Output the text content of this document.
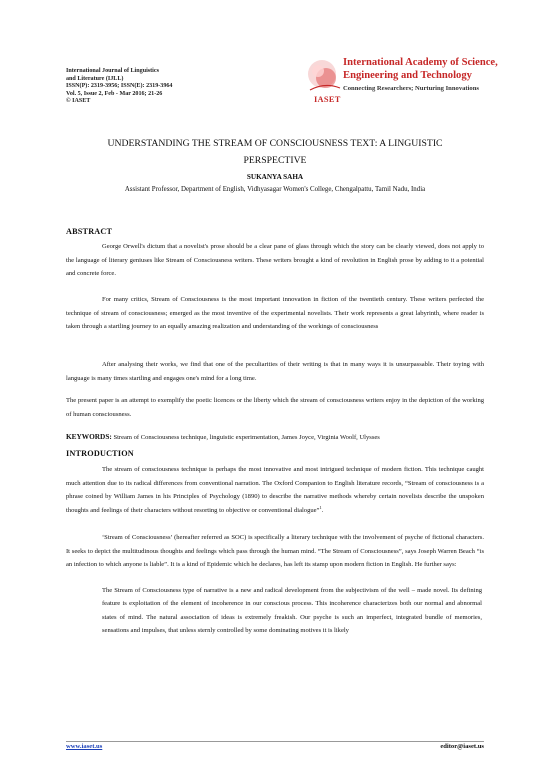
International Journal of Linguistics
and Literature (IJLL)
ISSN(P): 2319-3956; ISSN(E): 2319-3964
Vol. 5, Issue 2, Feb - Mar 2016; 21-26
© IASET
International Academy of Science,
Engineering and Technology
Connecting Researchers; Nurturing Innovations
IASET
UNDERSTANDING THE STREAM OF CONSCIOUSNESS TEXT: A LINGUISTIC
PERSPECTIVE
SUKANYA SAHA
Assistant Professor, Department of English, Vidhyasagar Women's College, Chengalpattu, Tamil Nadu, India
ABSTRACT
George Orwell's dictum that a novelist's prose should be a clear pane of glass through which the story can be clearly viewed, does not apply to the language of literary geniuses like Stream of Consciousness writers. These writers brought a kind of revolution in English prose by adding to it a potential and concrete force.
For many critics, Stream of Consciousness is the most important innovation in fiction of the twentieth century. These writers perfected the technique of stream of consciousness; emerged as the most inventive of the experimental novelists. Their work represents a great labyrinth, where reader is taken through a startling journey to an equally amazing realization and understanding of the workings of consciousness
After analysing their works, we find that one of the peculiarities of their writing is that in many ways it is unsurpassable. Their toying with language is many times startling and engages one's mind for a long time.
The present paper is an attempt to exemplify the poetic licences or the liberty which the stream of consciousness writers enjoy in the depiction of the working of human consciousness.
KEYWORDS: Stream of Consciousness technique, linguistic experimentation, James Joyce, Virginia Woolf, Ulysses
INTRODUCTION
The stream of consciousness technique is perhaps the most innovative and most intrigued technique of modern fiction. This technique caught much attention due to its radical differences from conventional narration. The Oxford Companion to English literature records, “Stream of consciousness is a phrase coined by William James in his Principles of Psychology (1890) to describe the narrative methods whereby certain novelists describe the unspoken thoughts and feelings of their characters without resorting to objective or conventional dialogue”$^1$.
‘Stream of Consciousness’ (hereafter referred as SOC) is specifically a literary technique with the involvement of psyche of fictional characters. It seeks to depict the multitudinous thoughts and feelings which pass through the human mind. “The Stream of Consciousness”, says Joseph Warren Beach “is an infection to which anyone is liable”. It is a kind of Epidemic which he declares, has left its stamp upon modern fiction in English. He further says:
The Stream of Consciousness type of narrative is a new and radical development from the subjectivism of the well – made novel. Its defining feature is exploitation of the element of incoherence in our conscious process. This incoherence characterizes both our normal and abnormal states of mind. The natural association of ideas is extremely freakish. Our psyche is such an imperfect, integrated bundle of memories, sensations and impulses, that unless sternly controlled by some dominating motives it is likely
www.iaset.us	editor@iaset.us
